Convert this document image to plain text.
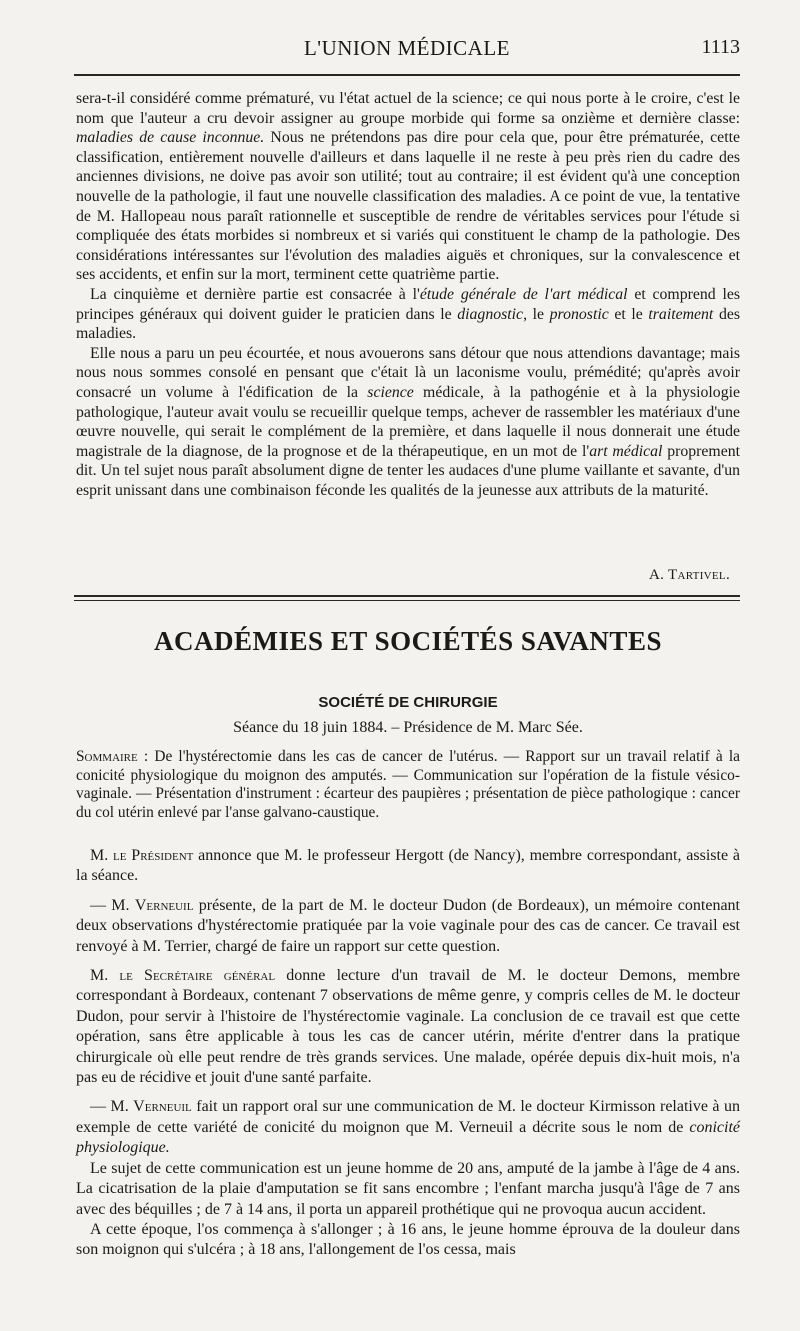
L'UNION MÉDICALE	1113

sera-t-il considéré comme prématuré, vu l'état actuel de la science; ce qui nous porte à le croire, c'est le nom que l'auteur a cru devoir assigner au groupe morbide qui forme sa onzième et dernière classe: maladies de cause inconnue. Nous ne prétendons pas dire pour cela que, pour être prématurée, cette classification, entièrement nouvelle d'ailleurs et dans laquelle il ne reste à peu près rien du cadre des anciennes divisions, ne doive pas avoir son utilité; tout au contraire; il est évident qu'à une conception nouvelle de la pathologie, il faut une nouvelle classification des maladies. A ce point de vue, la tentative de M. Hallopeau nous paraît rationnelle et susceptible de rendre de véritables services pour l'étude si compliquée des états morbides si nombreux et si variés qui constituent le champ de la pathologie. Des considérations intéressantes sur l'évolution des maladies aiguës et chroniques, sur la convalescence et ses accidents, et enfin sur la mort, terminent cette quatrième partie.

La cinquième et dernière partie est consacrée à l'étude générale de l'art médical et comprend les principes généraux qui doivent guider le praticien dans le diagnostic, le pronostic et le traitement des maladies.

Elle nous a paru un peu écourtée, et nous avouerons sans détour que nous attendions davantage; mais nous nous sommes consolé en pensant que c'était là un laconisme voulu, prémédité; qu'après avoir consacré un volume à l'édification de la science médicale, à la pathogénie et à la physiologie pathologique, l'auteur avait voulu se recueillir quelque temps, achever de rassembler les matériaux d'une œuvre nouvelle, qui serait le complément de la première, et dans laquelle il nous donnerait une étude magistrale de la diagnose, de la prognose et de la thérapeutique, en un mot de l'art médical proprement dit. Un tel sujet nous paraît absolument digne de tenter les audaces d'une plume vaillante et savante, d'un esprit unissant dans une combinaison féconde les qualités de la jeunesse aux attributs de la maturité.

A. Tartivel.
ACADÉMIES ET SOCIÉTÉS SAVANTES
SOCIÉTÉ DE CHIRURGIE
Séance du 18 juin 1884. – Présidence de M. Marc Sée.
Sommaire : De l'hystérectomie dans les cas de cancer de l'utérus. — Rapport sur un travail relatif à la conicité physiologique du moignon des amputés. — Communication sur l'opération de la fistule vésico-vaginale. — Présentation d'instrument : écarteur des paupières ; présentation de pièce pathologique : cancer du col utérin enlevé par l'anse galvano-caustique.

M. le Président annonce que M. le professeur Hergott (de Nancy), membre correspondant, assiste à la séance.

— M. Verneuil présente, de la part de M. le docteur Dudon (de Bordeaux), un mémoire contenant deux observations d'hystérectomie pratiquée par la voie vaginale pour des cas de cancer. Ce travail est renvoyé à M. Terrier, chargé de faire un rapport sur cette question.

M. le Secrétaire général donne lecture d'un travail de M. le docteur Demons, membre correspondant à Bordeaux, contenant 7 observations de même genre, y compris celles de M. le docteur Dudon, pour servir à l'histoire de l'hystérectomie vaginale. La conclusion de ce travail est que cette opération, sans être applicable à tous les cas de cancer utérin, mérite d'entrer dans la pratique chirurgicale où elle peut rendre de très grands services. Une malade, opérée depuis dix-huit mois, n'a pas eu de récidive et jouit d'une santé parfaite.

— M. Verneuil fait un rapport oral sur une communication de M. le docteur Kirmisson relative à un exemple de cette variété de conicité du moignon que M. Verneuil a décrite sous le nom de conicité physiologique.

Le sujet de cette communication est un jeune homme de 20 ans, amputé de la jambe à l'âge de 4 ans. La cicatrisation de la plaie d'amputation se fit sans encombre ; l'enfant marcha jusqu'à l'âge de 7 ans avec des béquilles ; de 7 à 14 ans, il porta un appareil prothétique qui ne provoqua aucun accident.

A cette époque, l'os commença à s'allonger ; à 16 ans, le jeune homme éprouva de la douleur dans son moignon qui s'ulcéra ; à 18 ans, l'allongement de l'os cessa, mais
